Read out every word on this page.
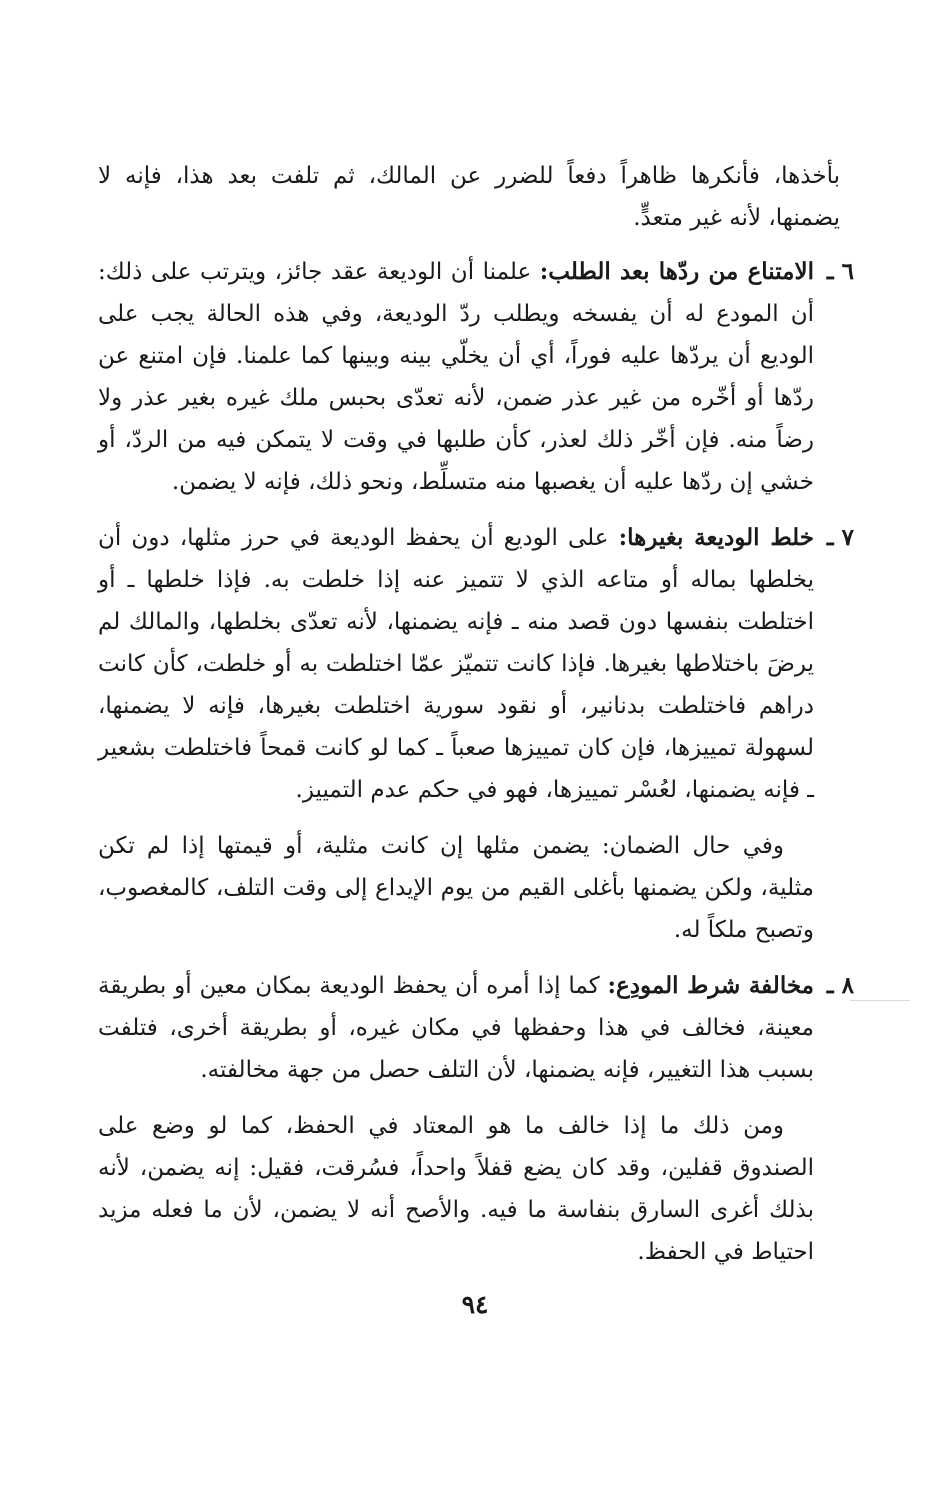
بأخذها، فأنكرها ظاهراً دفعاً للضرر عن المالك، ثم تلفت بعد هذا، فإنه لا يضمنها، لأنه غير متعدٍّ.

٦ ـ
الامتناع من ردّها بعد الطلب: علمنا أن الوديعة عقد جائز، ويترتب على ذلك: أن المودع له أن يفسخه ويطلب ردّ الوديعة، وفي هذه الحالة يجب على الوديع أن يردّها عليه فوراً، أي أن يخلّي بينه وبينها كما علمنا. فإن امتنع عن ردّها أو أخّره من غير عذر ضمن، لأنه تعدّى بحبس ملك غيره بغير عذر ولا رضاً منه. فإن أخّر ذلك لعذر، كأن طلبها في وقت لا يتمكن فيه من الردّ، أو خشي إن ردّها عليه أن يغصبها منه متسلِّط، ونحو ذلك، فإنه لا يضمن.
٧ ـ
خلط الوديعة بغيرها: على الوديع أن يحفظ الوديعة في حرز مثلها، دون أن يخلطها بماله أو متاعه الذي لا تتميز عنه إذا خلطت به. فإذا خلطها ـ أو اختلطت بنفسها دون قصد منه ـ فإنه يضمنها، لأنه تعدّى بخلطها، والمالك لم يرضَ باختلاطها بغيرها. فإذا كانت تتميّز عمّا اختلطت به أو خلطت، كأن كانت دراهم فاختلطت بدنانير، أو نقود سورية اختلطت بغيرها، فإنه لا يضمنها، لسهولة تمييزها، فإن كان تمييزها صعباً ـ كما لو كانت قمحاً فاختلطت بشعير ـ فإنه يضمنها، لعُسْر تمييزها، فهو في حكم عدم التمييز.

وفي حال الضمان: يضمن مثلها إن كانت مثلية، أو قيمتها إذا لم تكن مثلية، ولكن يضمنها بأغلى القيم من يوم الإيداع إلى وقت التلف، كالمغصوب، وتصبح ملكاً له.

٨ ـ
مخالفة شرط المودِع: كما إذا أمره أن يحفظ الوديعة بمكان معين أو بطريقة معينة، فخالف في هذا وحفظها في مكان غيره، أو بطريقة أخرى، فتلفت بسبب هذا التغيير، فإنه يضمنها، لأن التلف حصل من جهة مخالفته.

ومن ذلك ما إذا خالف ما هو المعتاد في الحفظ، كما لو وضع على الصندوق قفلين، وقد كان يضع قفلاً واحداً، فسُرقت، فقيل: إنه يضمن، لأنه بذلك أغرى السارق بنفاسة ما فيه. والأصح أنه لا يضمن، لأن ما فعله مزيد احتياط في الحفظ.

٩٤
